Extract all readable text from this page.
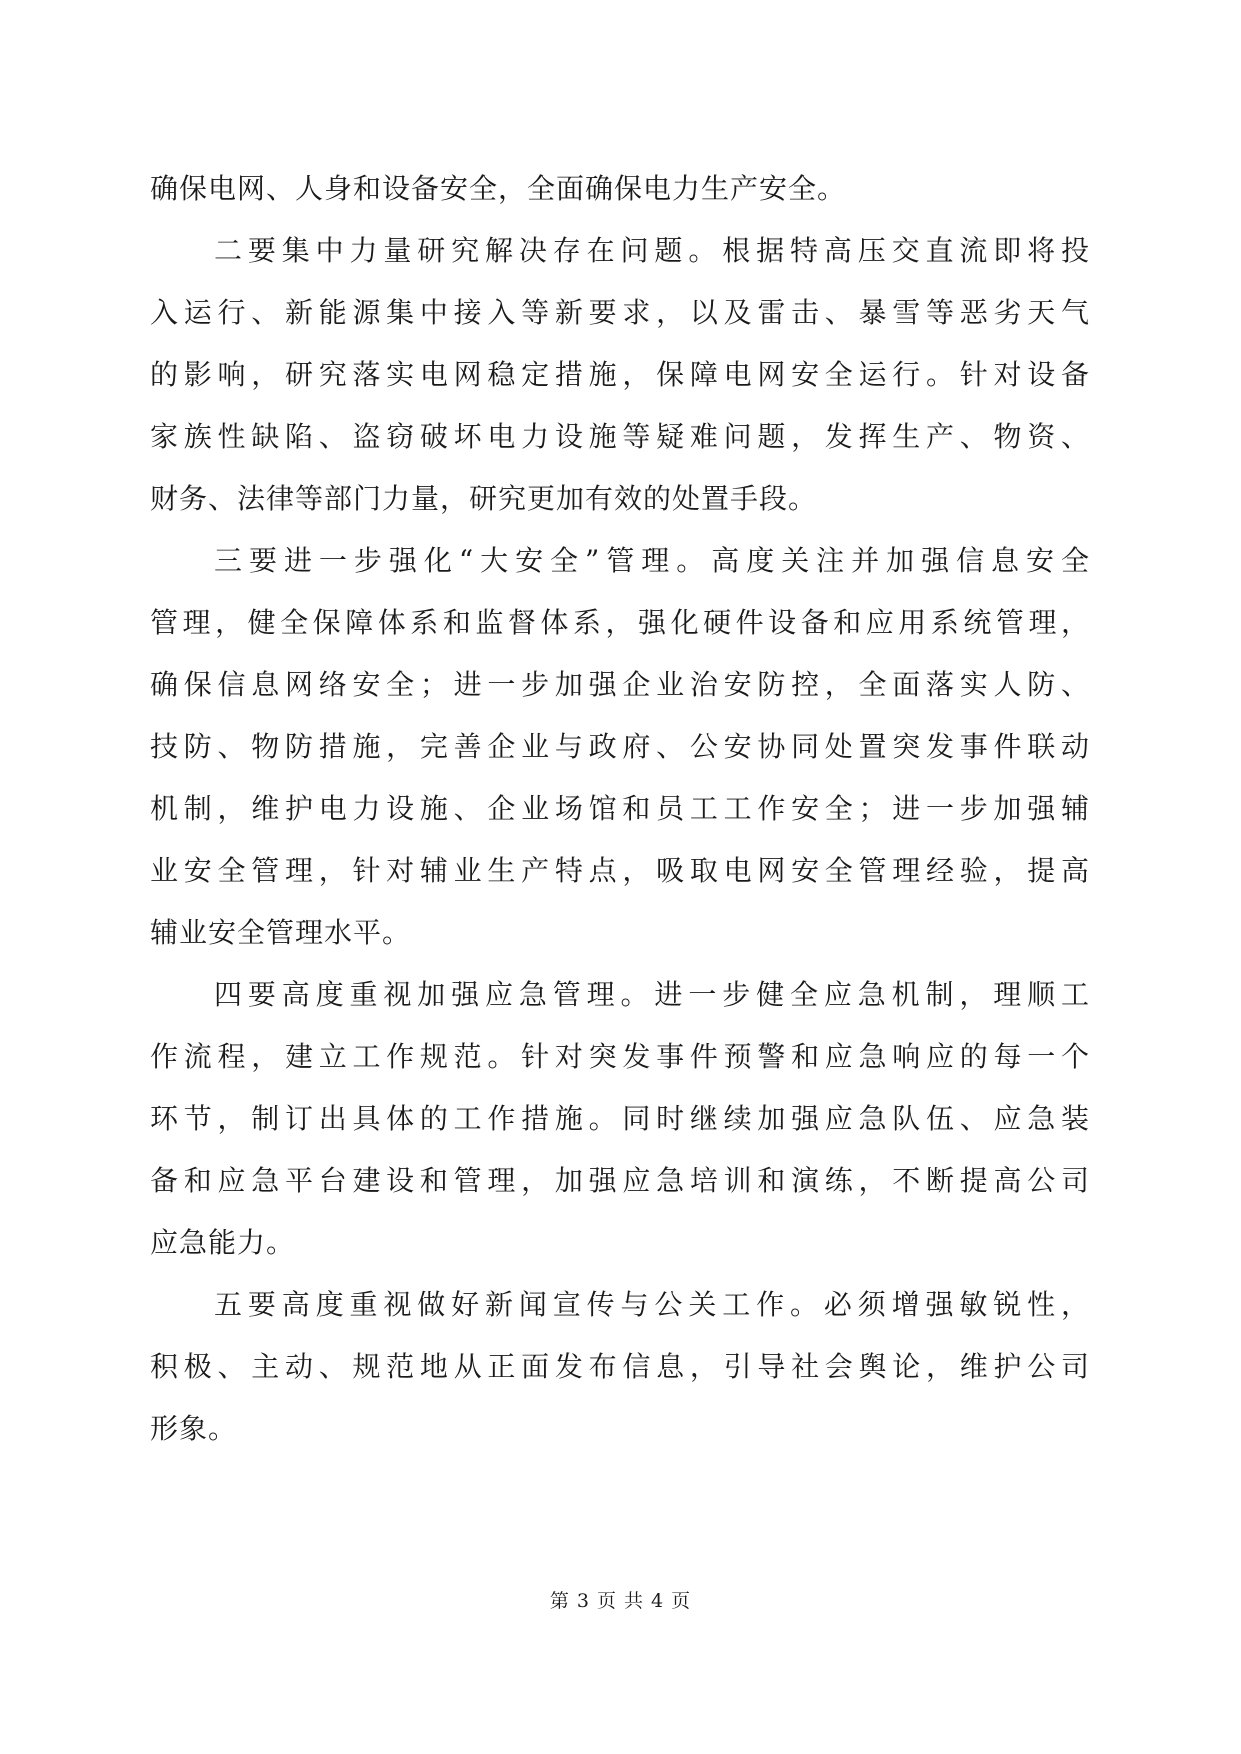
确保电网、人身和设备安全，全面确保电力生产安全。
二要集中力量研究解决存在问题。根据特高压交直流即将投
入运行、新能源集中接入等新要求，以及雷击、暴雪等恶劣天气
的影响，研究落实电网稳定措施，保障电网安全运行。针对设备
家族性缺陷、盗窃破坏电力设施等疑难问题，发挥生产、物资、
财务、法律等部门力量，研究更加有效的处置手段。
三要进一步强化“大安全”管理。高度关注并加强信息安全
管理，健全保障体系和监督体系，强化硬件设备和应用系统管理，
确保信息网络安全；进一步加强企业治安防控，全面落实人防、
技防、物防措施，完善企业与政府、公安协同处置突发事件联动
机制，维护电力设施、企业场馆和员工工作安全；进一步加强辅
业安全管理，针对辅业生产特点，吸取电网安全管理经验，提高
辅业安全管理水平。
四要高度重视加强应急管理。进一步健全应急机制，理顺工
作流程，建立工作规范。针对突发事件预警和应急响应的每一个
环节，制订出具体的工作措施。同时继续加强应急队伍、应急装
备和应急平台建设和管理，加强应急培训和演练，不断提高公司
应急能力。
五要高度重视做好新闻宣传与公关工作。必须增强敏锐性，
积极、主动、规范地从正面发布信息，引导社会舆论，维护公司
形象。
第 3 页 共 4 页
